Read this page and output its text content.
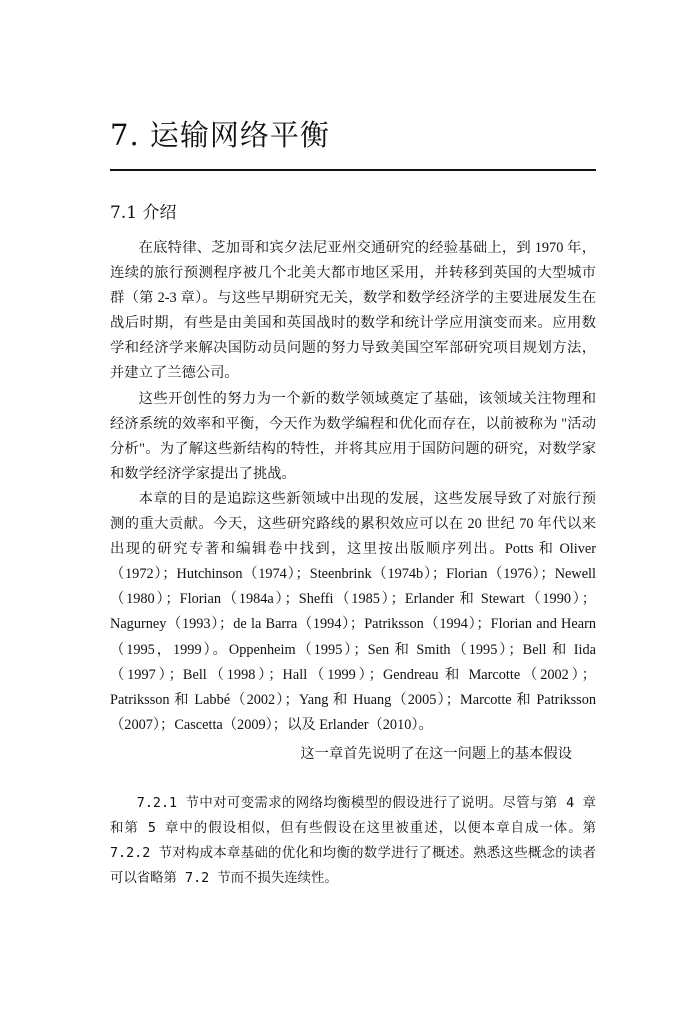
7. 运输网络平衡
7.1 介绍

在底特律、芝加哥和宾夕法尼亚州交通研究的经验基础上，到 1970 年，连续的旅行预测程序被几个北美大都市地区采用，并转移到英国的大型城市群（第 2-3 章）。与这些早期研究无关，数学和数学经济学的主要进展发生在战后时期，有些是由美国和英国战时的数学和统计学应用演变而来。应用数学和经济学来解决国防动员问题的努力导致美国空军部研究项目规划方法，并建立了兰德公司。

这些开创性的努力为一个新的数学领域奠定了基础，该领域关注物理和经济系统的效率和平衡，今天作为数学编程和优化而存在，以前被称为 "活动分析"。为了解这些新结构的特性，并将其应用于国防问题的研究，对数学家和数学经济学家提出了挑战。

本章的目的是追踪这些新领域中出现的发展，这些发展导致了对旅行预测的重大贡献。今天，这些研究路线的累积效应可以在 20 世纪 70 年代以来出现的研究专著和编辑卷中找到，这里按出版顺序列出。Potts 和 Oliver（1972）；Hutchinson（1974）；Steenbrink（1974b）；Florian（1976）；Newell（1980）；Florian（1984a）；Sheffi（1985）；Erlander 和 Stewart（1990）；Nagurney（1993）；de la Barra（1994）；Patriksson（1994）；Florian and Hearn（1995，1999）。Oppenheim（1995）；Sen 和 Smith（1995）；Bell 和 Iida（1997）；Bell（1998）；Hall（1999）；Gendreau 和 Marcotte（2002）；Patriksson 和 Labbé（2002）；Yang 和 Huang（2005）；Marcotte 和 Patriksson（2007）；Cascetta（2009）；以及 Erlander（2010）。

这一章首先说明了在这一问题上的基本假设

7.2.1 节中对可变需求的网络均衡模型的假设进行了说明。尽管与第 4 章和第 5 章中的假设相似，但有些假设在这里被重述，以便本章自成一体。第 7.2.2 节对构成本章基础的优化和均衡的数学进行了概述。熟悉这些概念的读者可以省略第 7.2 节而不损失连续性。
